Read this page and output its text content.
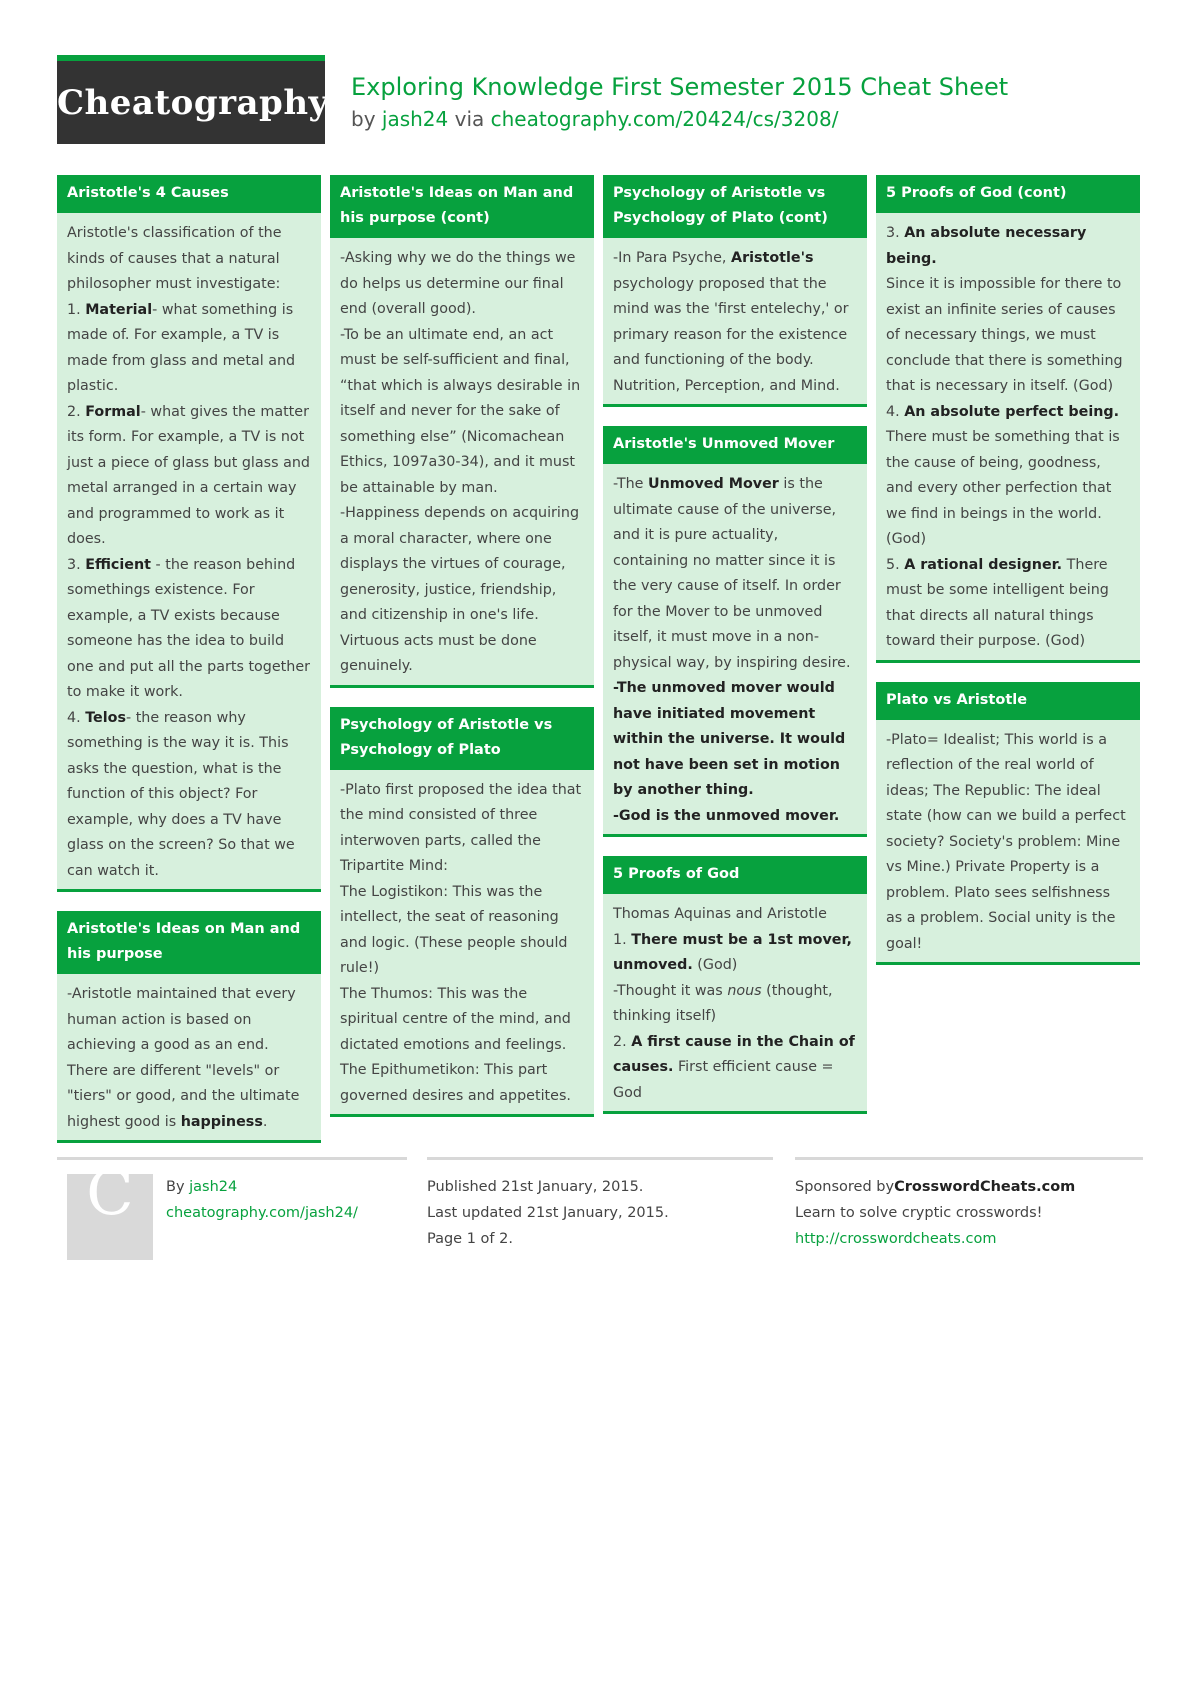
Cheatography Exploring Knowledge First Semester 2015 Cheat Sheet
by jash24 via cheatography.com/20424/cs/3208/
Aristotle's 4 Causes

Aristotle's classification of the kinds of causes that a natural philosopher must investigate:

1. Material- what something is made of. For example, a TV is made from glass and metal and plastic.

2. Formal- what gives the matter its form. For example, a TV is not just a piece of glass but glass and metal arranged in a certain way and programmed to work as it does.

3. Efficient - the reason behind somethings existence. For example, a TV exists because someone has the idea to build one and put all the parts together to make it work.

4. Telos- the reason why something is the way it is. This asks the question, what is the function of this object? For example, why does a TV have glass on the screen? So that we can watch it.

Aristotle's Ideas on Man and his purpose

-Aristotle maintained that every human action is based on achieving a good as an end. There are different "levels" or "tiers" or good, and the ultimate highest good is happiness.

Aristotle's Ideas on Man and his purpose (cont)

-Asking why we do the things we do helps us determine our final end (overall good).

-To be an ultimate end, an act must be self-sufficient and final, “that which is always desirable in itself and never for the sake of something else” (Nicomachean Ethics, 1097a30-34), and it must be attainable by man.

-Happiness depends on acquiring a moral character, where one displays the virtues of courage, generosity, justice, friendship, and citizenship in one's life. Virtuous acts must be done genuinely.

Psychology of Aristotle vs Psychology of Plato

-Plato first proposed the idea that the mind consisted of three interwoven parts, called the Tripartite Mind:

The Logistikon: This was the intellect, the seat of reasoning and logic. (These people should rule!)

The Thumos: This was the spiritual centre of the mind, and dictated emotions and feelings.

The Epithumetikon: This part governed desires and appetites.

Psychology of Aristotle vs Psychology of Plato (cont)

-In Para Psyche, Aristotle's psychology proposed that the mind was the 'first entelechy,' or primary reason for the existence and functioning of the body. Nutrition, Perception, and Mind.

Aristotle's Unmoved Mover

-The Unmoved Mover is the ultimate cause of the universe, and it is pure actuality, containing no matter since it is the very cause of itself. In order for the Mover to be unmoved itself, it must move in a non-physical way, by inspiring desire.

-The unmoved mover would have initiated movement within the universe. It would not have been set in motion by another thing.

-God is the unmoved mover.

5 Proofs of God

Thomas Aquinas and Aristotle

1. There must be a 1st mover, unmoved. (God)

-Thought it was nous (thought, thinking itself)

2. A first cause in the Chain of causes. First efficient cause = God

5 Proofs of God (cont)

3. An absolute necessary being.

Since it is impossible for there to exist an infinite series of causes of necessary things, we must conclude that there is something that is necessary in itself. (God)

4. An absolute perfect being.

There must be something that is the cause of being, goodness, and every other perfection that we find in beings in the world. (God)

5. A rational designer. There must be some intelligent being that directs all natural things toward their purpose. (God)

Plato vs Aristotle

-Plato= Idealist; This world is a reflection of the real world of ideas; The Republic: The ideal state (how can we build a perfect society? Society's problem: Mine vs Mine.) Private Property is a problem. Plato sees selfishness as a problem. Social unity is the goal!

C	By jash24
cheatography.com/jash24/
Published 21st January, 2015.
Last updated 21st January, 2015.
Page 1 of 2.
Sponsored byCrosswordCheats.com
Learn to solve cryptic crosswords!
http://crosswordcheats.com
